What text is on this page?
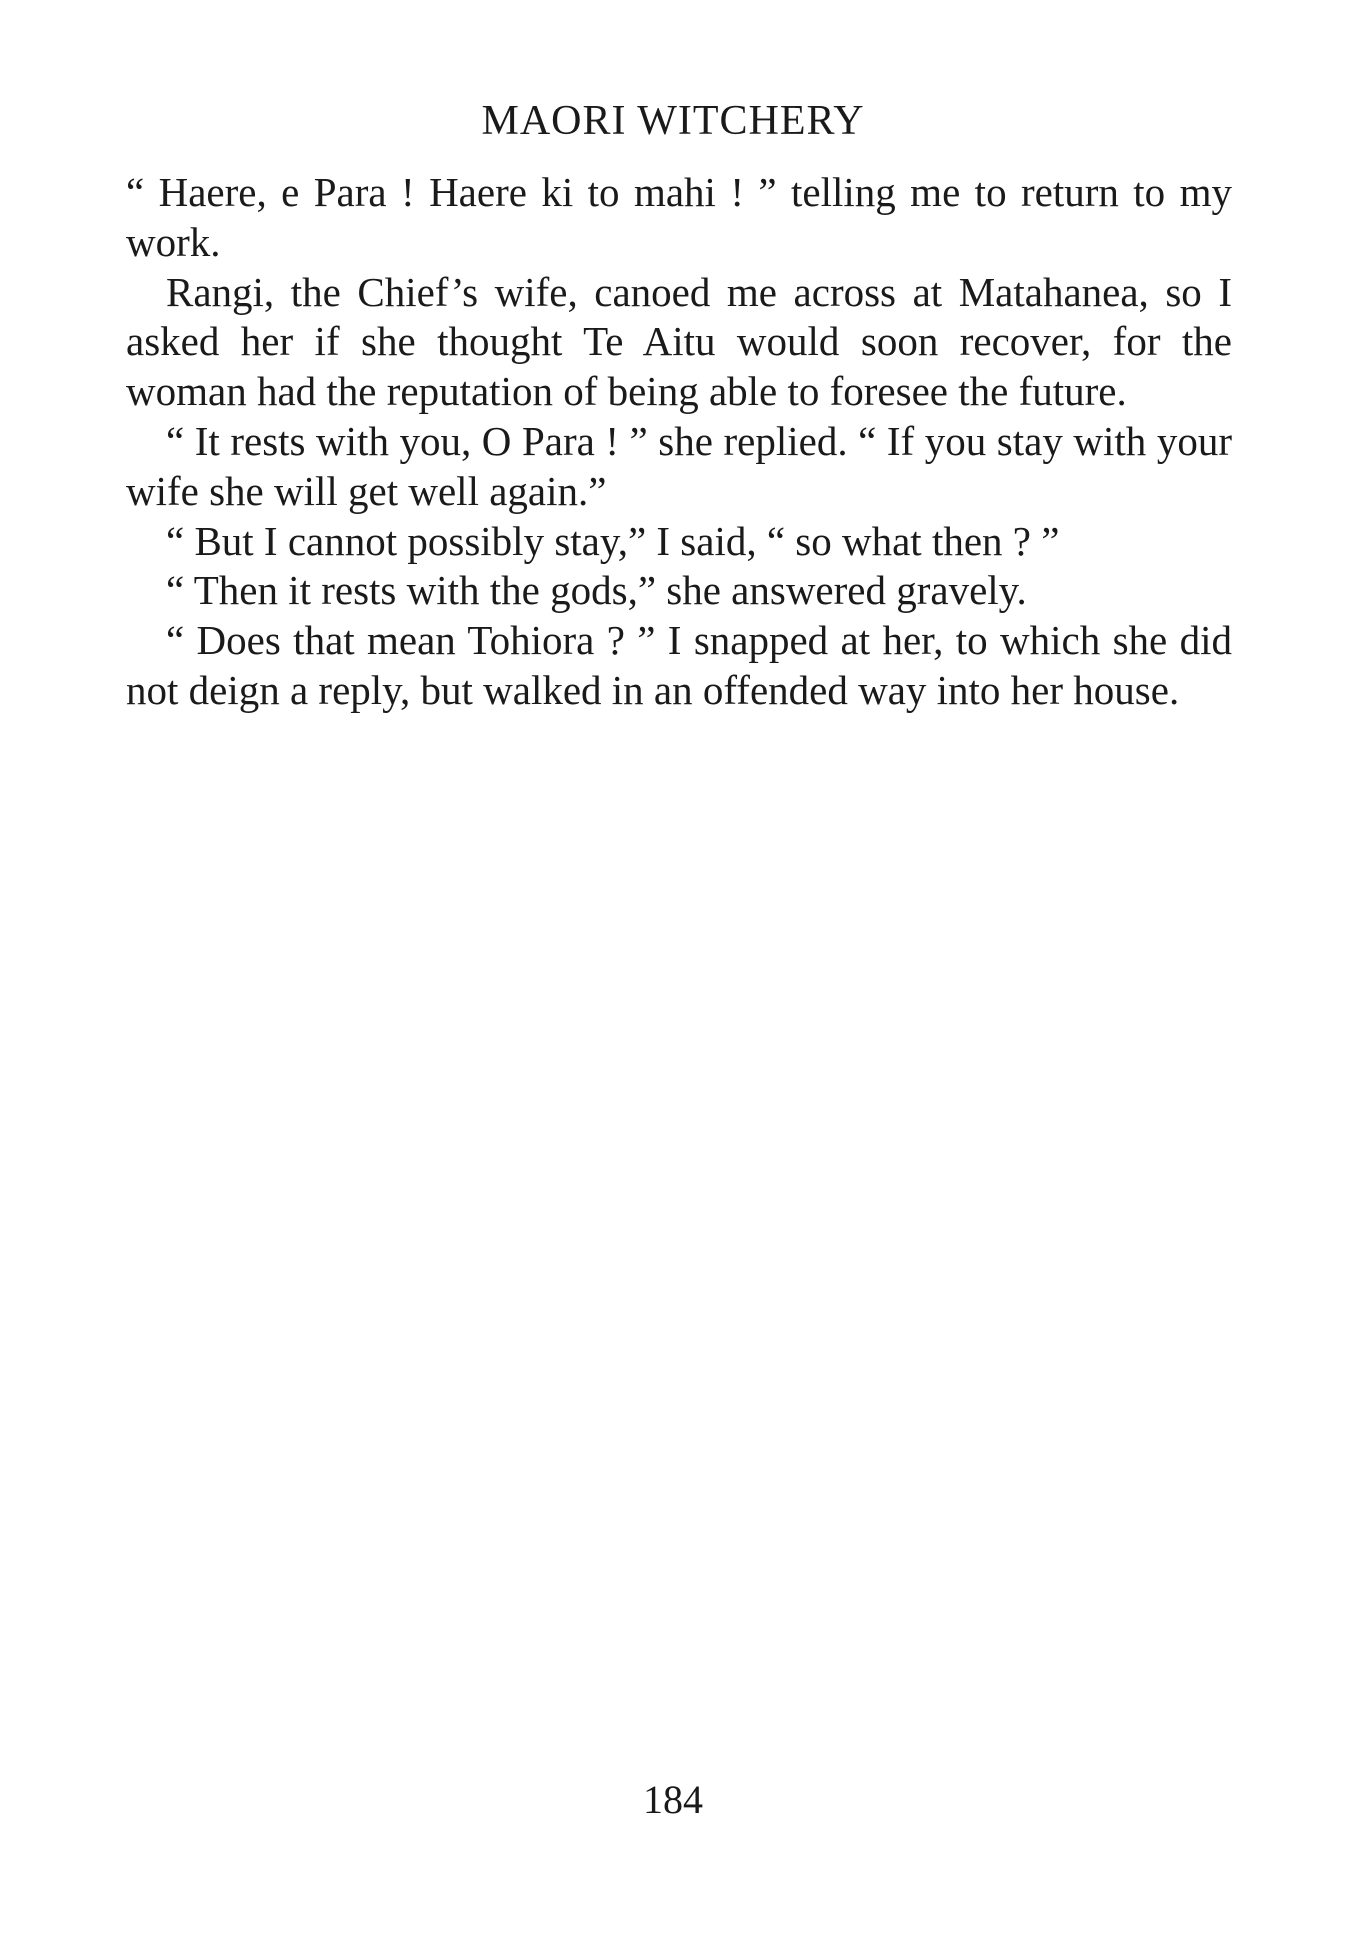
MAORI WITCHERY

“ Haere, e Para ! Haere ki to mahi ! ” telling me to return to my work.

Rangi, the Chief’s wife, canoed me across at Matahanea, so I asked her if she thought Te Aitu would soon recover, for the woman had the reputation of being able to foresee the future.

“ It rests with you, O Para ! ” she replied. “ If you stay with your wife she will get well again.”

“ But I cannot possibly stay,” I said, “ so what then ? ”

“ Then it rests with the gods,” she answered gravely.

“ Does that mean Tohiora ? ” I snapped at her, to which she did not deign a reply, but walked in an offended way into her house.

184
